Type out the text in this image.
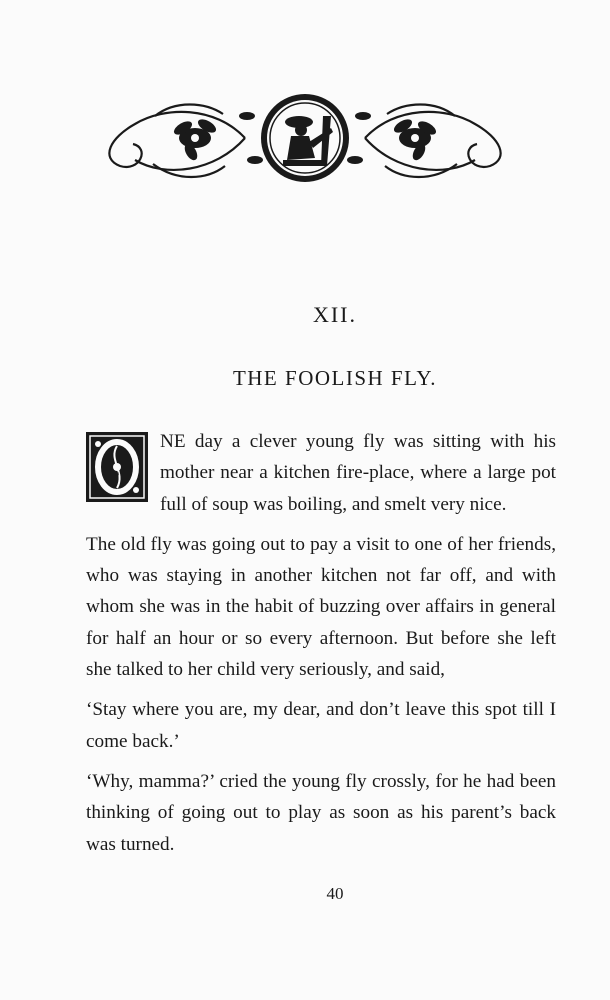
XII.
THE FOOLISH FLY.

O
NE day a clever young fly was sitting with his mother near a kitchen fire-place, where a large pot full of soup was boiling, and smelt very nice.

The old fly was going out to pay a visit to one of her friends, who was staying in another kitchen not far off, and with whom she was in the habit of buzzing over affairs in general for half an hour or so every afternoon. But before she left she talked to her child very seriously, and said,

‘Stay where you are, my dear, and don’t leave this spot till I come back.’

‘Why, mamma?’ cried the young fly crossly, for he had been thinking of going out to play as soon as his parent’s back was turned.

40
